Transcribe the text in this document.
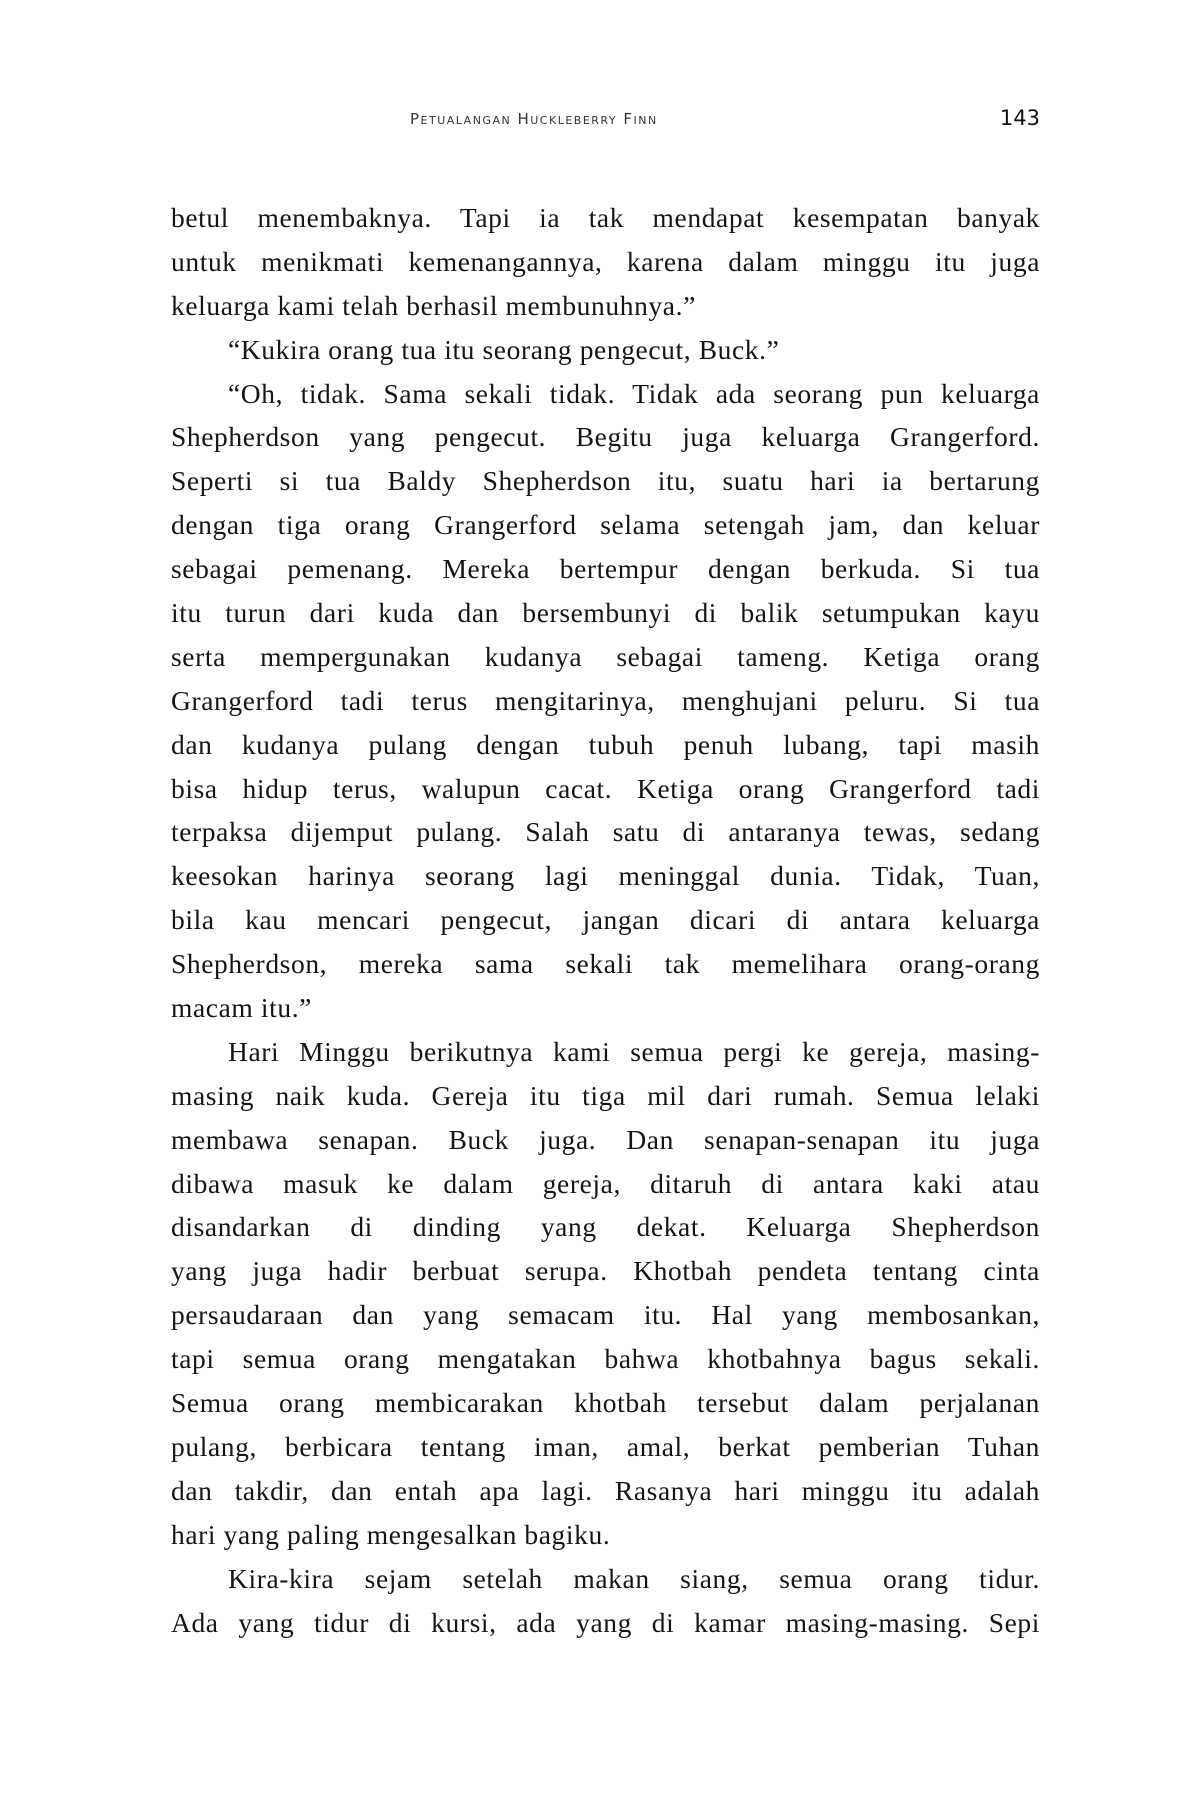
Petualangan Huckleberry Finn	143
betul menembaknya. Tapi ia tak mendapat kesempatan banyak
untuk menikmati kemenangannya, karena dalam minggu itu juga
keluarga kami telah berhasil membunuhnya.”
“Kukira orang tua itu seorang pengecut, Buck.”
“Oh, tidak. Sama sekali tidak. Tidak ada seorang pun keluarga
Shepherdson yang pengecut. Begitu juga keluarga Grangerford.
Seperti si tua Baldy Shepherdson itu, suatu hari ia bertarung
dengan tiga orang Grangerford selama setengah jam, dan keluar
sebagai pemenang. Mereka bertempur dengan berkuda. Si tua
itu turun dari kuda dan bersembunyi di balik setumpukan kayu
serta mempergunakan kudanya sebagai tameng. Ketiga orang
Grangerford tadi terus mengitarinya, menghujani peluru. Si tua
dan kudanya pulang dengan tubuh penuh lubang, tapi masih
bisa hidup terus, walupun cacat. Ketiga orang Grangerford tadi
terpaksa dijemput pulang. Salah satu di antaranya tewas, sedang
keesokan harinya seorang lagi meninggal dunia. Tidak, Tuan,
bila kau mencari pengecut, jangan dicari di antara keluarga
Shepherdson, mereka sama sekali tak memelihara orang-orang
macam itu.”
Hari Minggu berikutnya kami semua pergi ke gereja, masing-
masing naik kuda. Gereja itu tiga mil dari rumah. Semua lelaki
membawa senapan. Buck juga. Dan senapan-senapan itu juga
dibawa masuk ke dalam gereja, ditaruh di antara kaki atau
disandarkan di dinding yang dekat. Keluarga Shepherdson
yang juga hadir berbuat serupa. Khotbah pendeta tentang cinta
persaudaraan dan yang semacam itu. Hal yang membosankan,
tapi semua orang mengatakan bahwa khotbahnya bagus sekali.
Semua orang membicarakan khotbah tersebut dalam perjalanan
pulang, berbicara tentang iman, amal, berkat pemberian Tuhan
dan takdir, dan entah apa lagi. Rasanya hari minggu itu adalah
hari yang paling mengesalkan bagiku.
Kira-kira sejam setelah makan siang, semua orang tidur.
Ada yang tidur di kursi, ada yang di kamar masing-masing. Sepi
